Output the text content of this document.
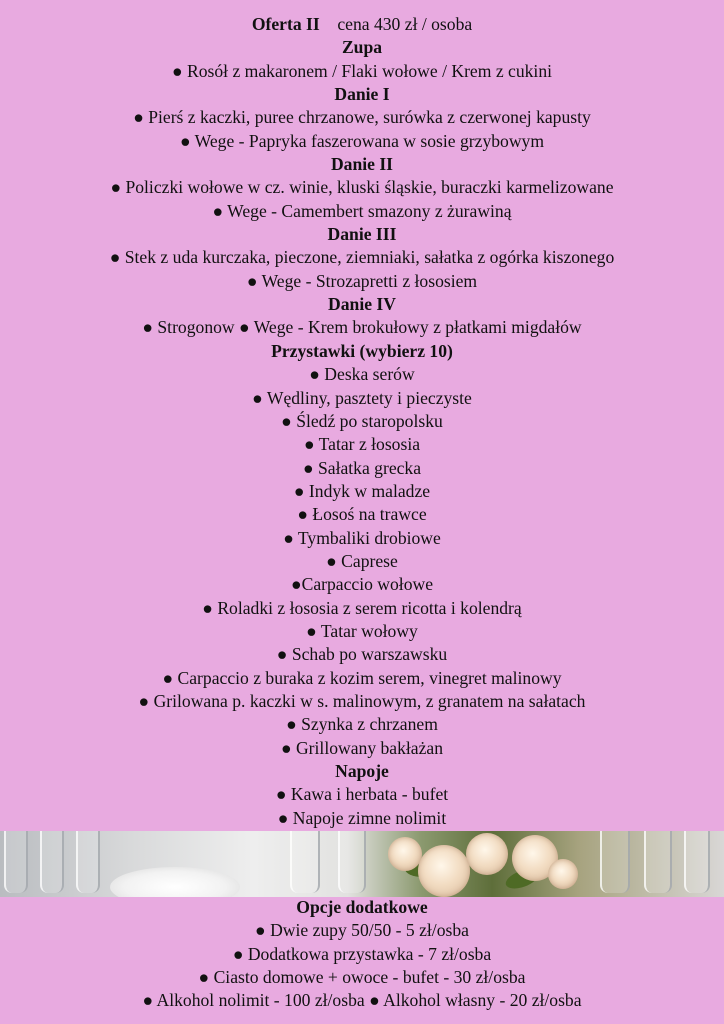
Oferta II cena 430 zł / osoba
Zupa
● Rosół z makaronem / Flaki wołowe / Krem z cukini
Danie I
● Pierś z kaczki, puree chrzanowe, surówka z czerwonej kapusty
● Wege - Papryka faszerowana w sosie grzybowym
Danie II
● Policzki wołowe w cz. winie, kluski śląskie, buraczki karmelizowane
● Wege - Camembert smazony z żurawiną
Danie III
● Stek z uda kurczaka, pieczone, ziemniaki, sałatka z ogórka kiszonego
● Wege - Strozapretti z łososiem
Danie IV
● Strogonow ● Wege - Krem brokułowy z płatkami migdałów
Przystawki (wybierz 10)
● Deska serów
● Wędliny, pasztety i pieczyste
● Śledź po staropolsku
● Tatar z łososia
● Sałatka grecka
● Indyk w maladze
● Łosoś na trawce
● Tymbaliki drobiowe
● Caprese
●Carpaccio wołowe
● Roladki z łososia z serem ricotta i kolendrą
● Tatar wołowy
● Schab po warszawsku
● Carpaccio z buraka z kozim serem, vinegret malinowy
● Grilowana p. kaczki w s. malinowym, z granatem na sałatach
● Szynka z chrzanem
● Grillowany bakłażan
Napoje
● Kawa i herbata - bufet
● Napoje zimne nolimit
Opcje dodatkowe
● Dwie zupy 50/50 - 5 zł/osba
● Dodatkowa przystawka - 7 zł/osba
● Ciasto domowe + owoce - bufet - 30 zł/osba
● Alkohol nolimit - 100 zł/osba ● Alkohol własny - 20 zł/osba
